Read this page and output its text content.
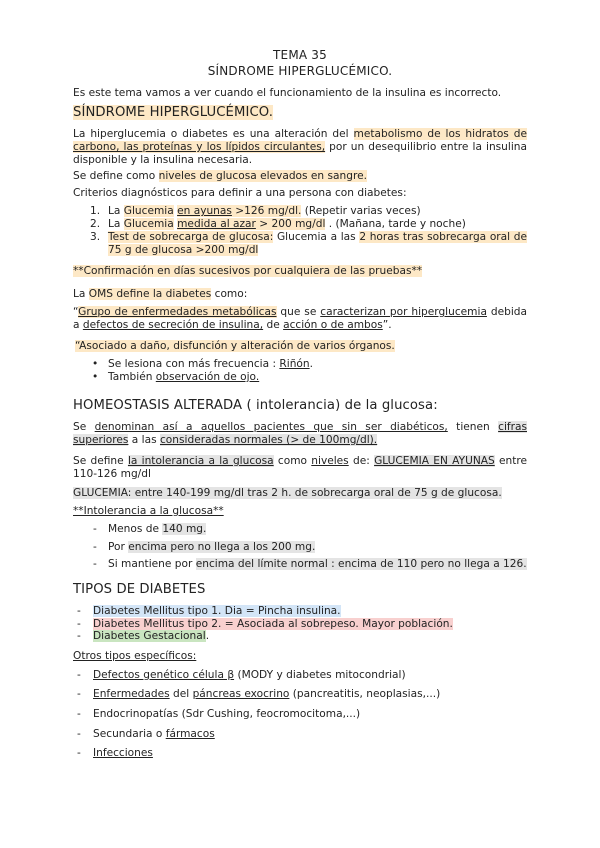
TEMA 35
SÍNDROME HIPERGLUCÉMICO.
Es este tema vamos a ver cuando el funcionamiento de la insulina es incorrecto.
SÍNDROME HIPERGLUCÉMICO.
La hiperglucemia o diabetes es una alteración del metabolismo de los hidratos de
carbono, las proteínas y los lípidos circulantes, por un desequilibrio entre la insulina
disponible y la insulina necesaria.
Se define como niveles de glucosa elevados en sangre.
Criterios diagnósticos para definir a una persona con diabetes:
1. La Glucemia en ayunas >126 mg/dl. (Repetir varias veces)
2. La Glucemia medida al azar > 200 mg/dl . (Mañana, tarde y noche)
3. Test de sobrecarga de glucosa: Glucemia a las 2 horas tras sobrecarga oral de
75 g de glucosa >200 mg/dl
**Confirmación en días sucesivos por cualquiera de las pruebas**
La OMS define la diabetes como:
“Grupo de enfermedades metabólicas que se caracterizan por hiperglucemia debida
a defectos de secreción de insulina, de acción o de ambos”.
“Asociado a daño, disfunción y alteración de varios órganos.
• Se lesiona con más frecuencia : Riñón.
• También observación de ojo.
HOMEOSTASIS ALTERADA ( intolerancia) de la glucosa:
Se denominan así a aquellos pacientes que sin ser diabéticos, tienen cifras
superiores a las consideradas normales (> de 100mg/dl).
Se define la intolerancia a la glucosa como niveles de: GLUCEMIA EN AYUNAS entre
110-126 mg/dl
GLUCEMIA: entre 140-199 mg/dl tras 2 h. de sobrecarga oral de 75 g de glucosa.
**Intolerancia a la glucosa**
- Menos de 140 mg.
- Por encima pero no llega a los 200 mg.
- Si mantiene por encima del límite normal : encima de 110 pero no llega a 126.
TIPOS DE DIABETES
- Diabetes Mellitus tipo 1. Dia = Pincha insulina.
- Diabetes Mellitus tipo 2. = Asociada al sobrepeso. Mayor población.
- Diabetes Gestacional.
Otros tipos específicos:
- Defectos genético célula β (MODY y diabetes mitocondrial)
- Enfermedades del páncreas exocrino (pancreatitis, neoplasias,...)
- Endocrinopatías (Sdr Cushing, feocromocitoma,...)
- Secundaria o fármacos
- Infecciones
